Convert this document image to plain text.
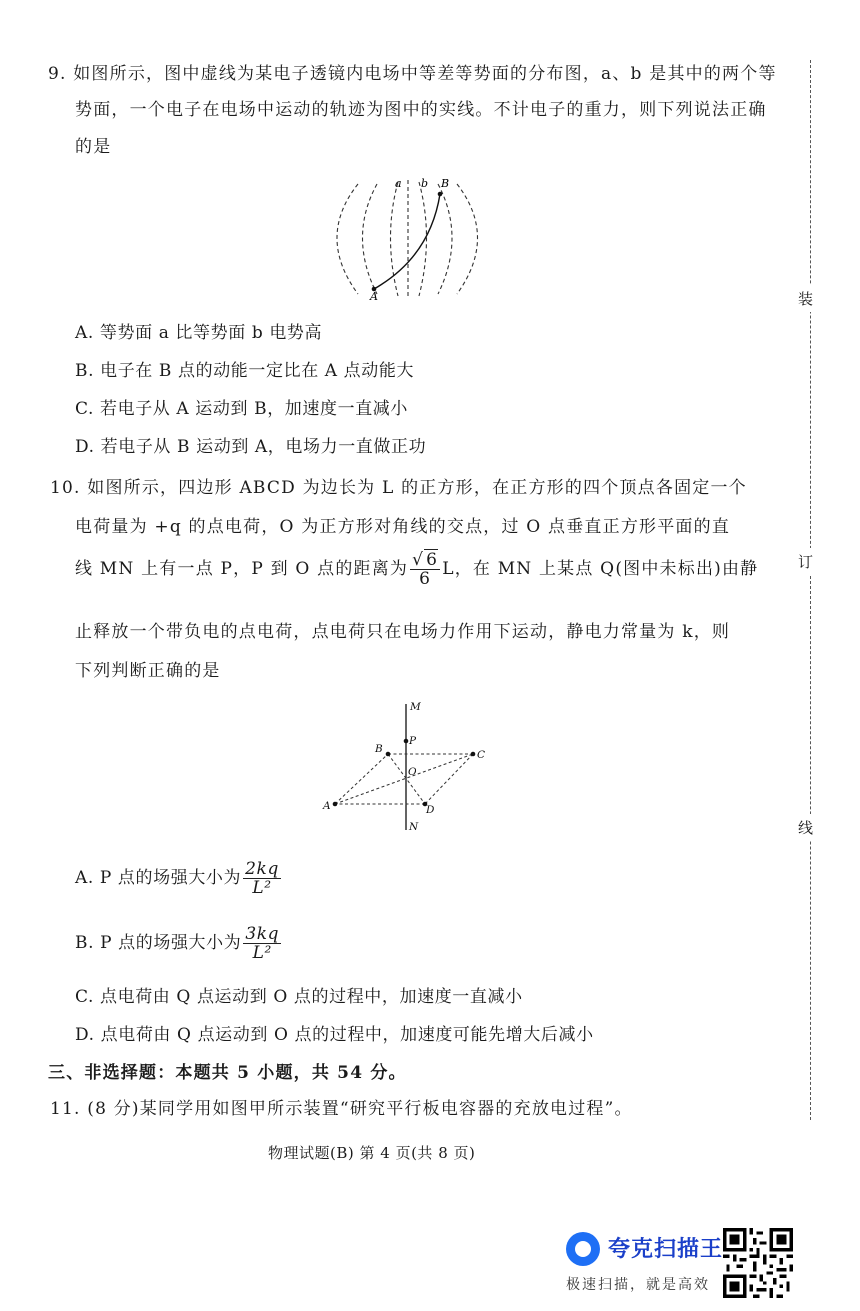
9. 如图所示，图中虚线为某电子透镜内电场中等差等势面的分布图，a、b 是其中的两个等
势面，一个电子在电场中运动的轨迹为图中的实线。不计电子的重力，则下列说法正确
的是
a b B
A
A. 等势面 a 比等势面 b 电势高
B. 电子在 B 点的动能一定比在 A 点动能大
C. 若电子从 A 运动到 B，加速度一直减小
D. 若电子从 B 运动到 A，电场力一直做正功
10. 如图所示，四边形 ABCD 为边长为 L 的正方形，在正方形的四个顶点各固定一个
电荷量为 +q 的点电荷，O 为正方形对角线的交点，过 O 点垂直正方形平面的直
线 MN 上有一点 P，P 到 O 点的距离为 $\frac{√ 6}{6}$ L，在 MN 上某点 Q(图中未标出)由静
止释放一个带负电的点电荷，点电荷只在电场力作用下运动，静电力常量为 k，则
下列判断正确的是
M
P
B	C
O
A	D
N
A. P 点的场强大小为 $\frac{2kq}{\text{L²}}$
B. P 点的场强大小为 $\frac{3kq}{\text{L²}}$
C. 点电荷由 Q 点运动到 O 点的过程中，加速度一直减小
D. 点电荷由 Q 点运动到 O 点的过程中，加速度可能先增大后减小
三、非选择题：本题共 5 小题，共 54 分。
11. (8 分)某同学用如图甲所示装置“研究平行板电容器的充放电过程”。
物理试题(B) 第 4 页(共 8 页)
装
订
线
夸克扫描王
极速扫描，就是高效
